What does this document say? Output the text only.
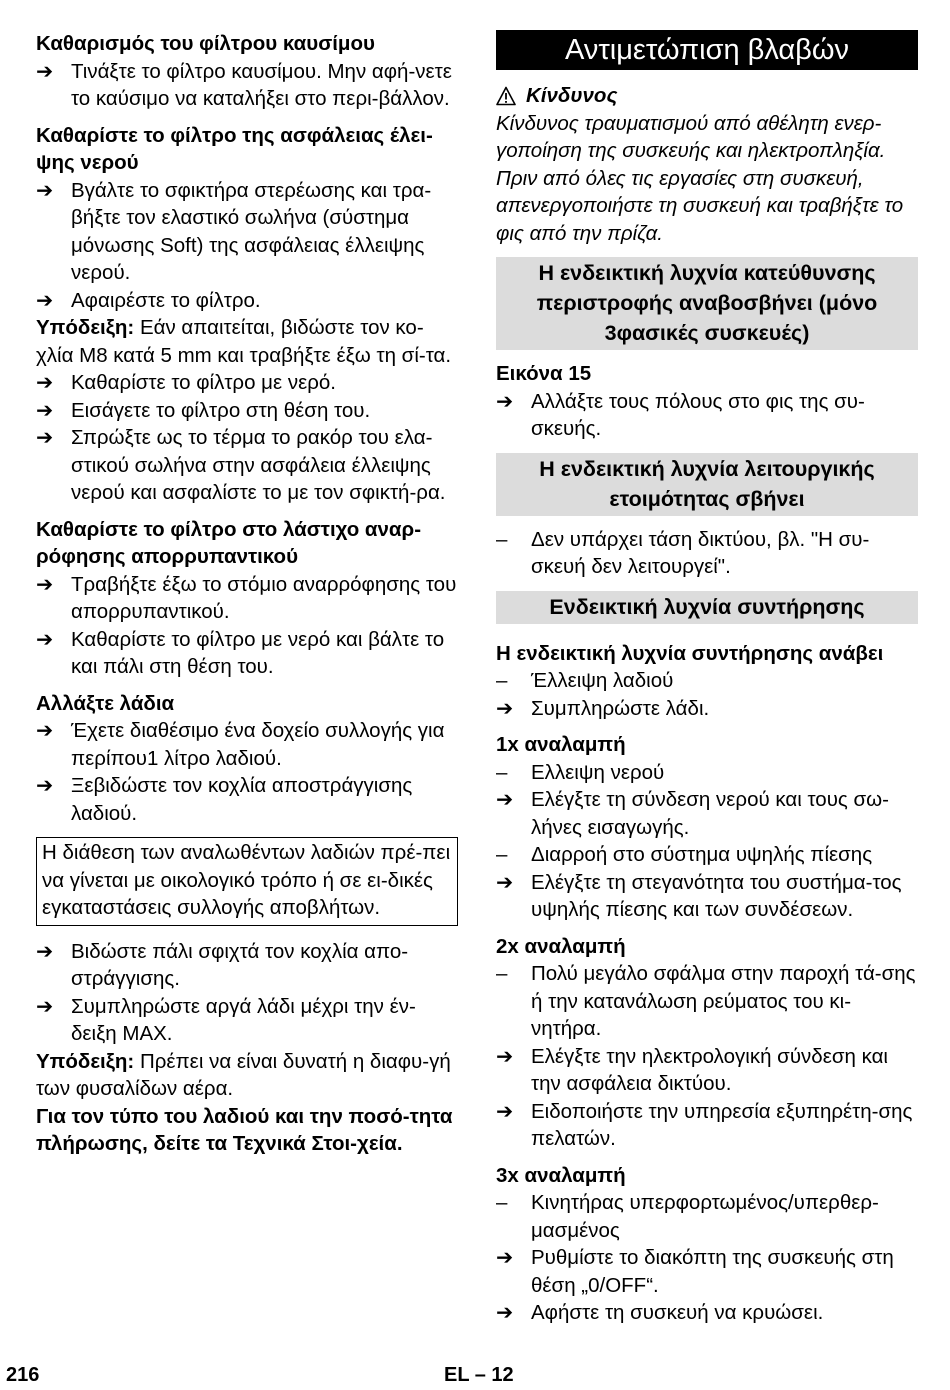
Καθαρισμός του φίλτρου καυσίμου
➔ Τινάξτε το φίλτρο καυσίμου. Μην αφή-νετε το καύσιμο να καταλήξει στο περι-βάλλον.
Καθαρίστε το φίλτρο της ασφάλειας έλει-ψης νερού
➔ Βγάλτε το σφικτήρα στερέωσης και τρα-βήξτε τον ελαστικό σωλήνα (σύστημα μόνωσης Soft) της ασφάλειας έλλειψης νερού.
➔ Αφαιρέστε το φίλτρο.
Υπόδειξη: Εάν απαιτείται, βιδώστε τον κο-χλία M8 κατά 5 mm και τραβήξτε έξω τη σί-τα.
➔ Καθαρίστε το φίλτρο με νερό.
➔ Εισάγετε το φίλτρο στη θέση του.
➔ Σπρώξτε ως το τέρμα το ρακόρ του ελα-στικού σωλήνα στην ασφάλεια έλλειψης νερού και ασφαλίστε το με τον σφικτή-ρα.
Καθαρίστε το φίλτρο στο λάστιχο αναρ-ρόφησης απορρυπαντικού
➔ Τραβήξτε έξω το στόμιο αναρρόφησης του απορρυπαντικού.
➔ Καθαρίστε το φίλτρο με νερό και βάλτε το και πάλι στη θέση του.
Αλλάξτε λάδια
➔ Έχετε διαθέσιμο ένα δοχείο συλλογής για περίπου1 λίτρο λαδιού.
➔ Ξεβιδώστε τον κοχλία αποστράγγισης λαδιού.
Η διάθεση των αναλωθέντων λαδιών πρέ-πει να γίνεται με οικολογικό τρόπο ή σε ει-δικές εγκαταστάσεις συλλογής αποβλήτων.
➔ Βιδώστε πάλι σφιχτά τον κοχλία απο-στράγγισης.
➔ Συμπληρώστε αργά λάδι μέχρι την έν-δειξη MAX.
Υπόδειξη: Πρέπει να είναι δυνατή η διαφυ-γή των φυσαλίδων αέρα.
Για τον τύπο του λαδιού και την ποσό-τητα πλήρωσης, δείτε τα Τεχνικά Στοι-χεία.
Αντιμετώπιση βλαβών
Κίνδυνος
Κίνδυνος τραυματισμού από αθέλητη ενερ-γοποίηση της συσκευής και ηλεκτροπληξία. Πριν από όλες τις εργασίες στη συσκευή, απενεργοποιήστε τη συσκευή και τραβήξτε το φις από την πρίζα.
Η ενδεικτική λυχνία κατεύθυνσης περιστροφής αναβοσβήνει (μόνο 3φασικές συσκευές)
Εικόνα 15
➔ Αλλάξτε τους πόλους στο φις της συ-σκευής.
Η ενδεικτική λυχνία λειτουργικής ετοιμότητας σβήνει
–	Δεν υπάρχει τάση δικτύου, βλ. "Η συ-σκευή δεν λειτουργεί".
Ενδεικτική λυχνία συντήρησης
Η ενδεικτική λυχνία συντήρησης ανάβει
–	Έλλειψη λαδιού
➔ Συμπληρώστε λάδι.
1x αναλαμπή
–	Ελλειψη νερού
➔ Ελέγξτε τη σύνδεση νερού και τους σω-λήνες εισαγωγής.
–	Διαρροή στο σύστημα υψηλής πίεσης
➔ Ελέγξτε τη στεγανότητα του συστήμα-τος υψηλής πίεσης και των συνδέσεων.
2x αναλαμπή
–	Πολύ μεγάλο σφάλμα στην παροχή τά-σης ή την κατανάλωση ρεύματος του κι-νητήρα.
➔ Ελέγξτε την ηλεκτρολογική σύνδεση και την ασφάλεια δικτύου.
➔ Ειδοποιήστε την υπηρεσία εξυπηρέτη-σης πελατών.
3x αναλαμπή
–	Κινητήρας υπερφορτωμένος/υπερθερ-μασμένος
➔ Ρυθμίστε το διακόπτη της συσκευής στη θέση „0/OFF“.
➔ Αφήστε τη συσκευή να κρυώσει.
216	EL – 12
